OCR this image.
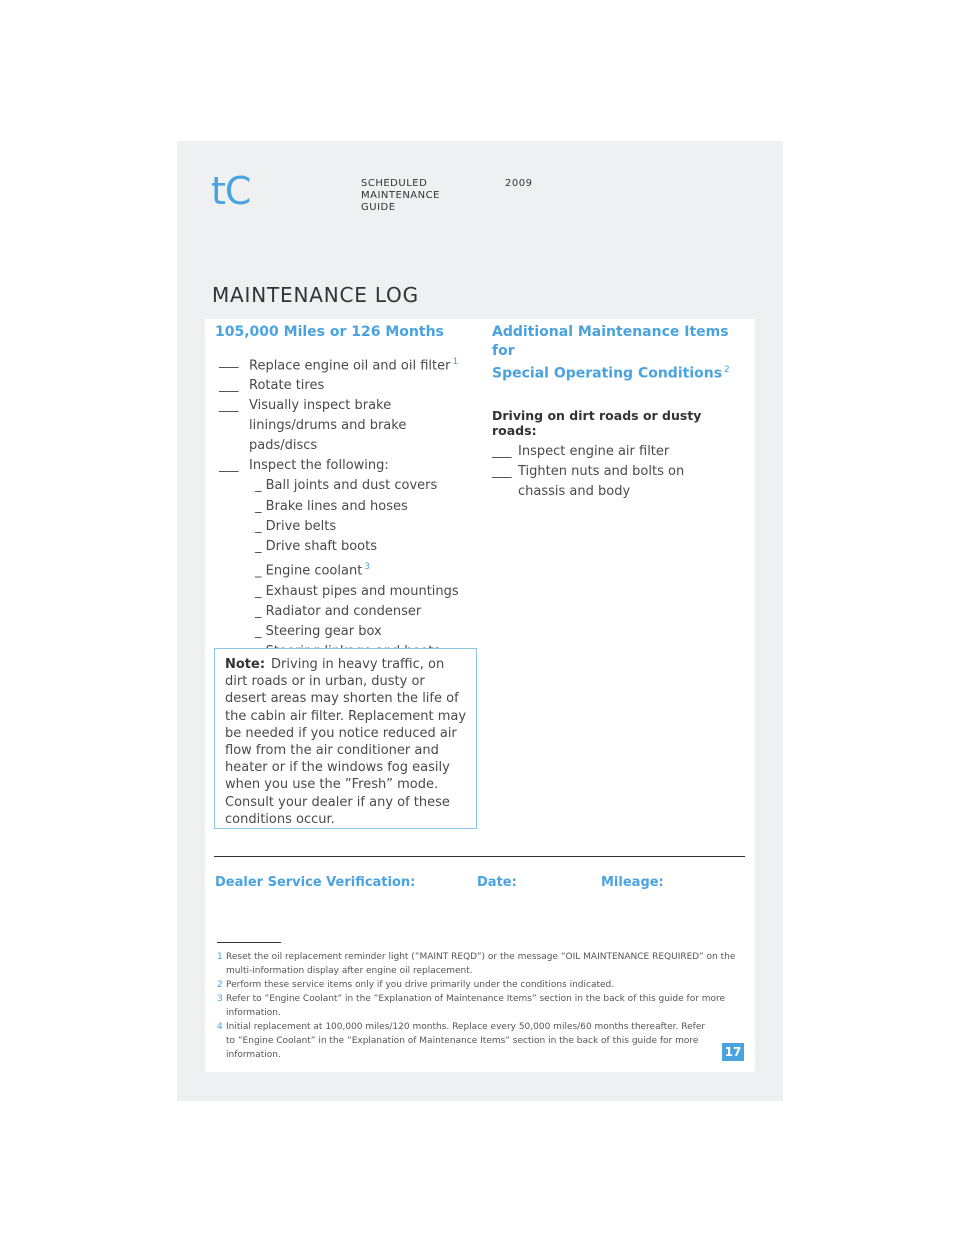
tC	SCHEDULED
MAINTENANCE
GUIDE
2009
MAINTENANCE LOG
105,000 Miles or 126 Months
___ Replace engine oil and oil filter $^1$
___ Rotate tires
___ Visually inspect brake linings/drums and brake pads/discs
___ Inspect the following:
_ Ball joints and dust covers
_ Brake lines and hoses
_ Drive belts
_ Drive shaft boots
_ Engine coolant $^3$
_ Exhaust pipes and mountings
_ Radiator and condenser
_ Steering gear box
Note: Driving in heavy traffic, on dirt roads or in urban, dusty or desert areas may shorten the life of the cabin air filter. Replacement may be needed if you notice reduced air flow from the air conditioner and heater or if the windows fog easily when you use the ”Fresh” mode. Consult your dealer if any of these conditions occur.
Additional Maintenance Items for
Special Operating Conditions $^2$
Driving on dirt roads or dusty roads:
___ Inspect engine air filter
___ Tighten nuts and bolts on chassis and body
Dealer Service Verification:	Date:	Mileage:
1 Reset the oil replacement reminder light (”MAINT REQD”) or the message ”OIL MAINTENANCE REQUIRED” on the multi-information display after engine oil replacement.
2 Perform these service items only if you drive primarily under the conditions indicated.
3 Refer to ”Engine Coolant” in the ”Explanation of Maintenance Items” section in the back of this guide for more information.
4 Initial replacement at 100,000 miles/120 months. Replace every 50,000 miles/60 months thereafter. Refer to ”Engine Coolant” in the ”Explanation of Maintenance Items” section in the back of this guide for more information.	17
